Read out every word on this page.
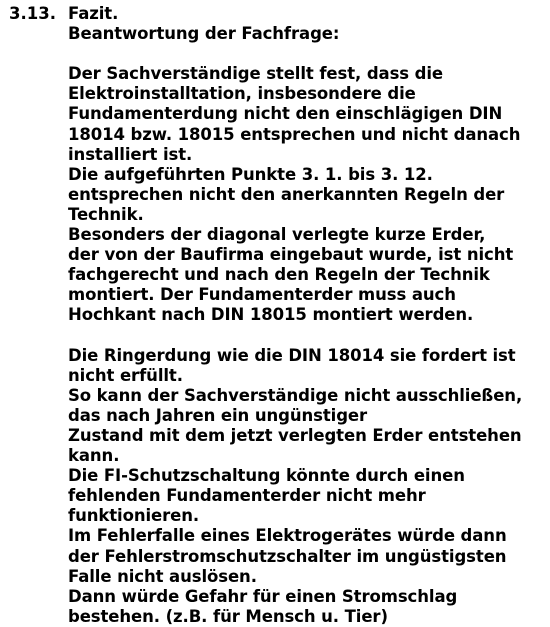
3.13. Fazit.
Beantwortung der Fachfrage:
Der Sachverständige stellt fest, dass die
Elektroinstalltation, insbesondere die
Fundamenterdung nicht den einschlägigen DIN
18014 bzw. 18015 entsprechen und nicht danach
installiert ist.
Die aufgeführten Punkte 3. 1. bis 3. 12.
entsprechen nicht den anerkannten Regeln der
Technik.
Besonders der diagonal verlegte kurze Erder,
der von der Baufirma eingebaut wurde, ist nicht
fachgerecht und nach den Regeln der Technik
montiert. Der Fundamenterder muss auch
Hochkant nach DIN 18015 montiert werden.
Die Ringerdung wie die DIN 18014 sie fordert ist
nicht erfüllt.
So kann der Sachverständige nicht ausschließen,
das nach Jahren ein ungünstiger
Zustand mit dem jetzt verlegten Erder entstehen
kann.
Die FI-Schutzschaltung könnte durch einen
fehlenden Fundamenterder nicht mehr
funktionieren.
Im Fehlerfalle eines Elektrogerätes würde dann
der Fehlerstromschutzschalter im ungüstigsten
Falle nicht auslösen.
Dann würde Gefahr für einen Stromschlag
bestehen. (z.B. für Mensch u. Tier)
